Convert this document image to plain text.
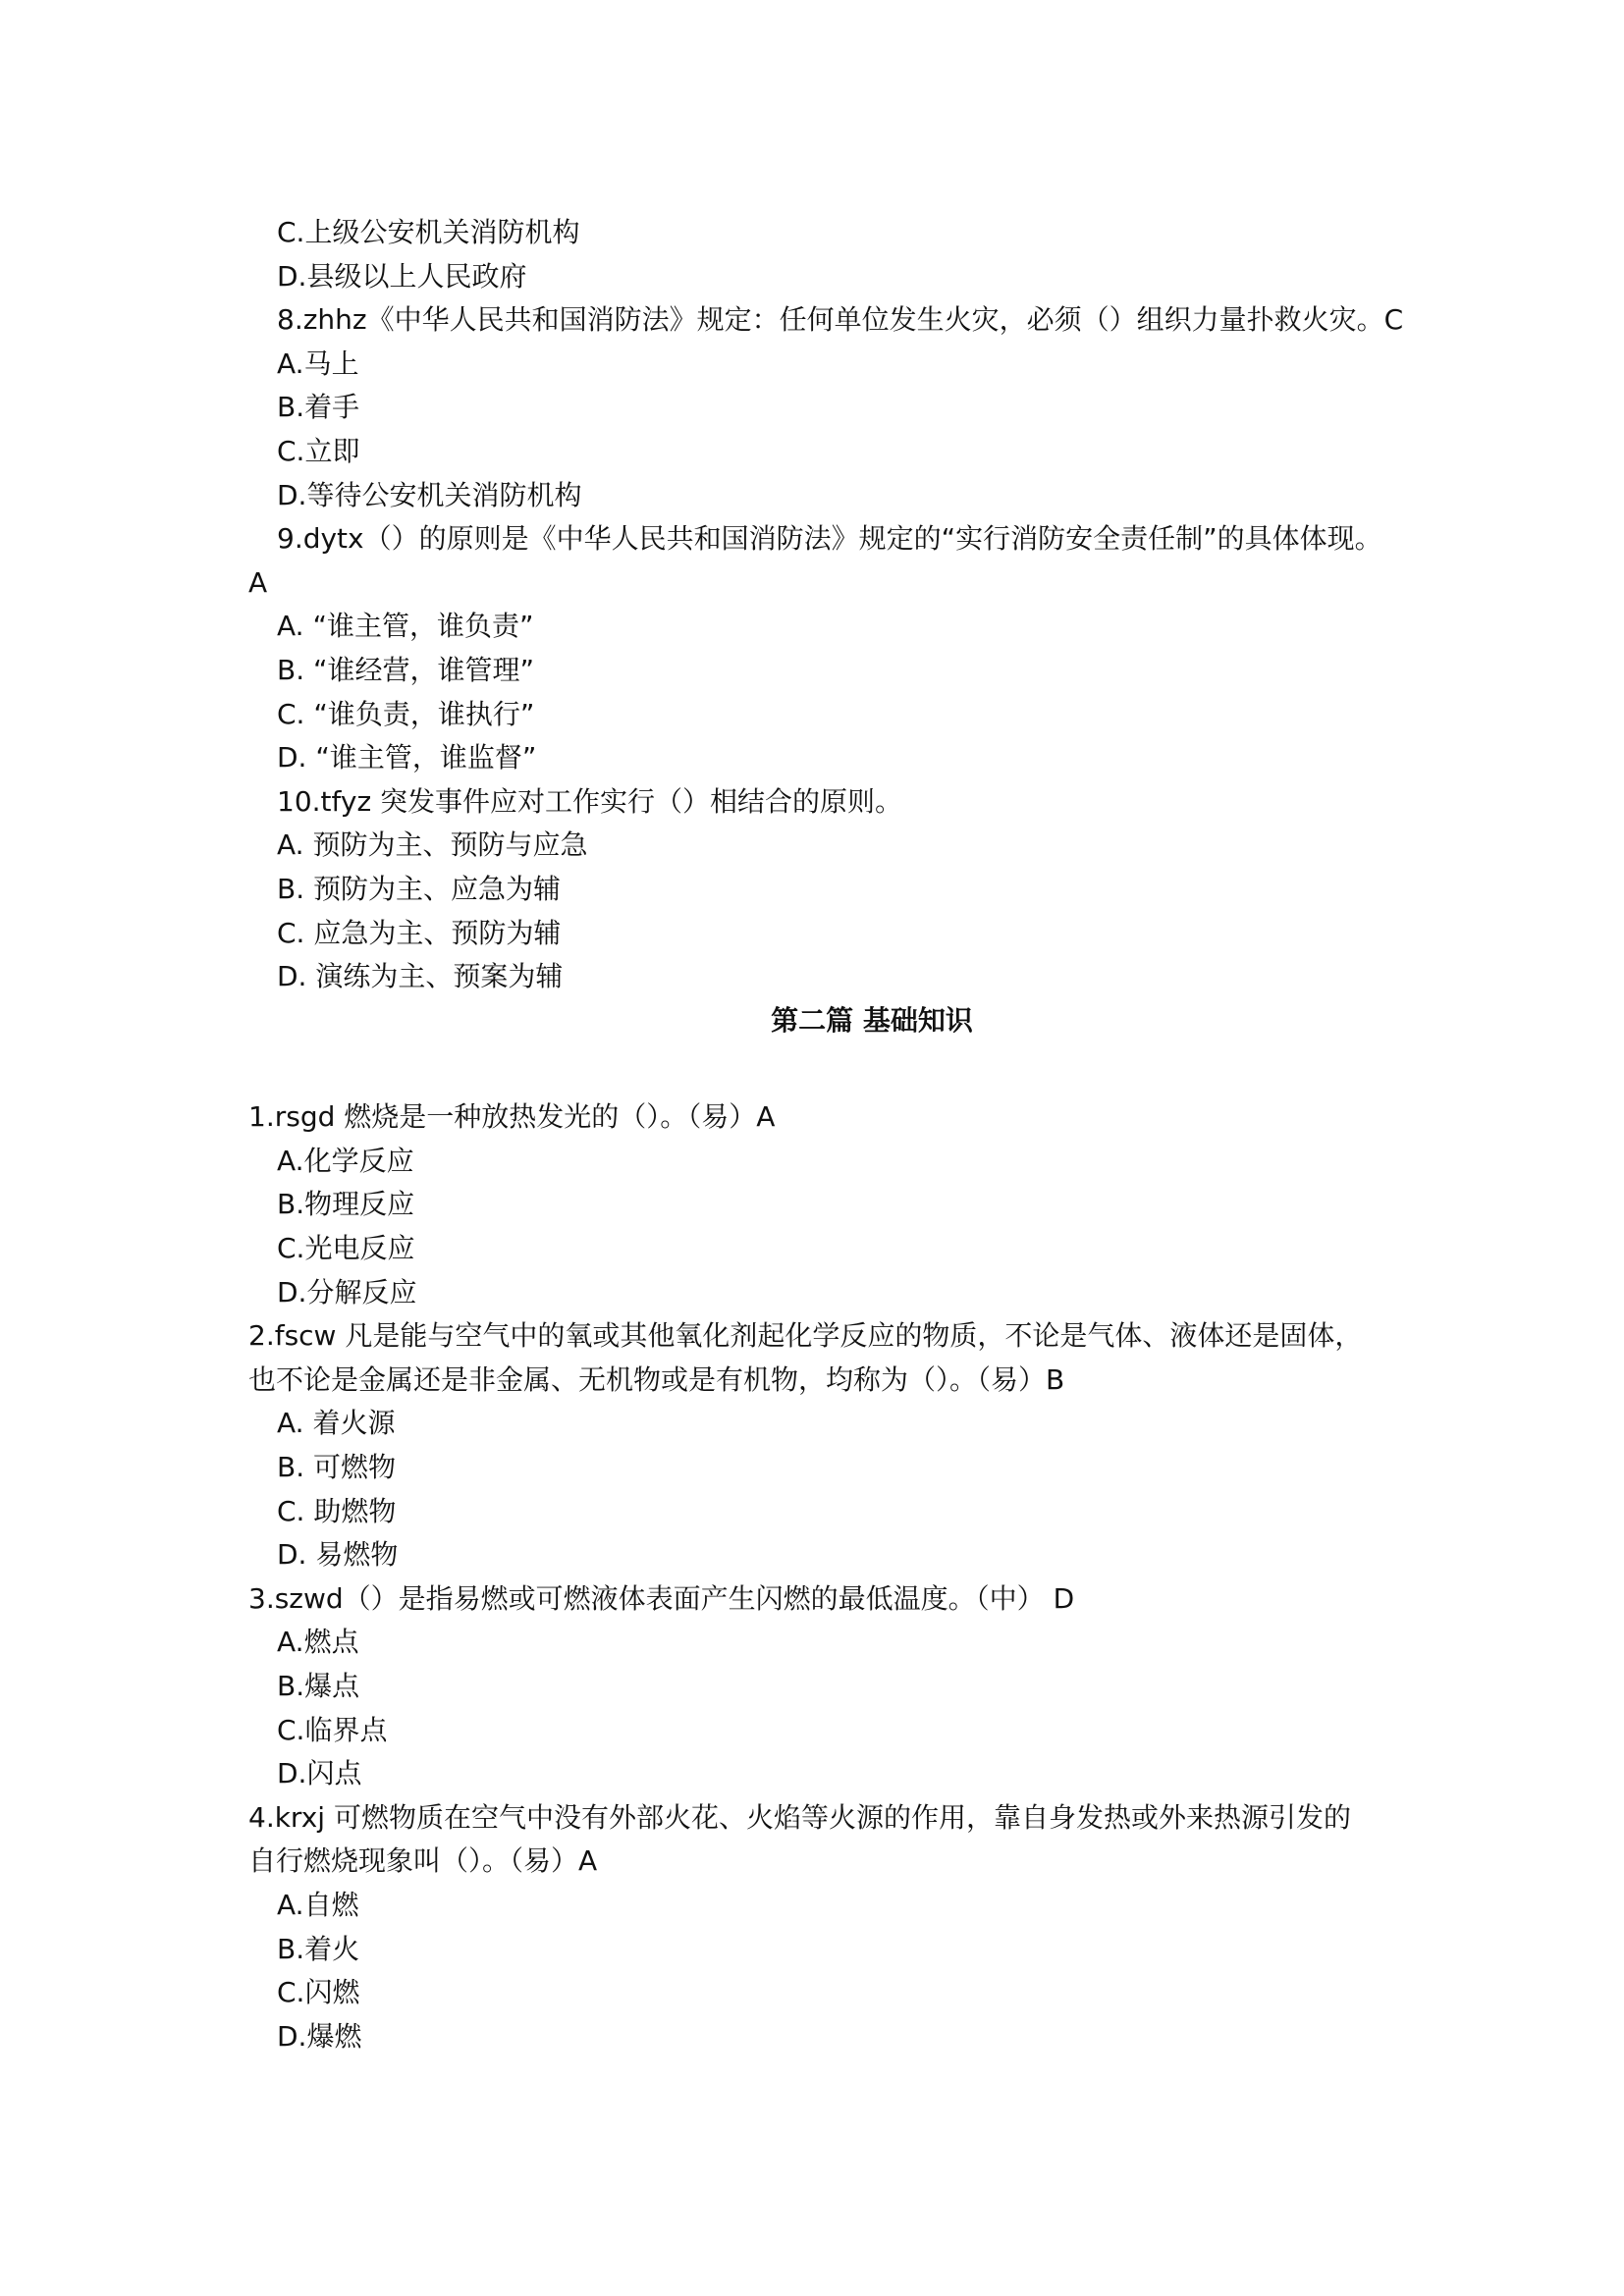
C.上级公安机关消防机构
D.县级以上人民政府
8.zhhz《中华人民共和国消防法》规定：任何单位发生火灾，必须（）组织力量扑救火灾。C
A.马上
B.着手
C.立即
D.等待公安机关消防机构
9.dytx（）的原则是《中华人民共和国消防法》规定的“实行消防安全责任制”的具体体现。
A
A. “谁主管，谁负责”
B. “谁经营，谁管理”
C. “谁负责，谁执行”
D. “谁主管，谁监督”
10.tfyz 突发事件应对工作实行（）相结合的原则。
A. 预防为主、预防与应急
B. 预防为主、应急为辅
C. 应急为主、预防为辅
D. 演练为主、预案为辅
第二篇 基础知识
1.rsgd 燃烧是一种放热发光的（）。（易）A
A.化学反应
B.物理反应
C.光电反应
D.分解反应
2.fscw 凡是能与空气中的氧或其他氧化剂起化学反应的物质，不论是气体、液体还是固体，
也不论是金属还是非金属、无机物或是有机物，均称为（）。（易）B
A. 着火源
B. 可燃物
C. 助燃物
D. 易燃物
3.szwd（）是指易燃或可燃液体表面产生闪燃的最低温度。（中） D
A.燃点
B.爆点
C.临界点
D.闪点
4.krxj 可燃物质在空气中没有外部火花、火焰等火源的作用，靠自身发热或外来热源引发的
自行燃烧现象叫（）。（易）A
A.自燃
B.着火
C.闪燃
D.爆燃
